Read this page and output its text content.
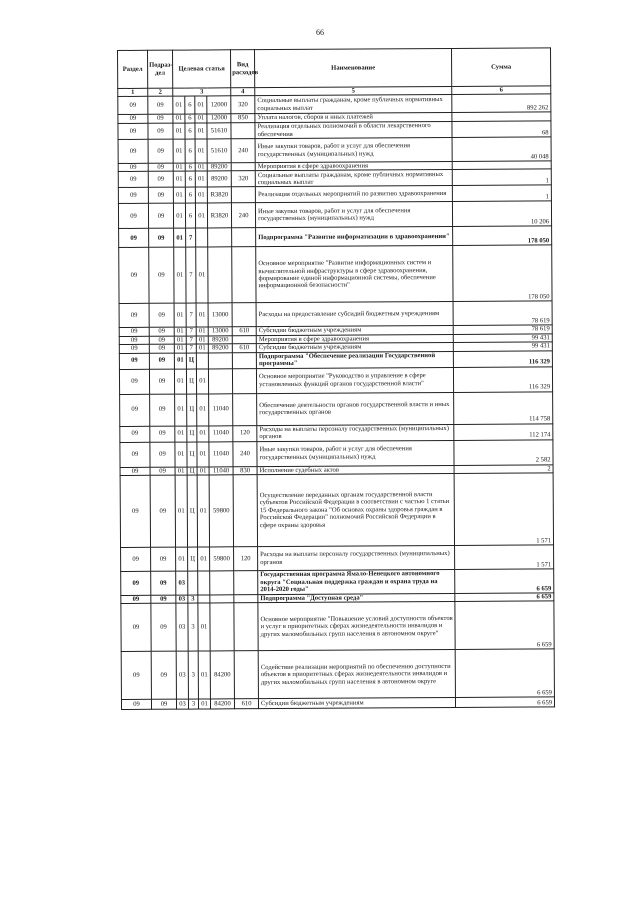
66
Раздел	Подраз-дел	Целевая статья				Вид расходов	Наименование	Сумма
1	2	3				4	5	6
09	09	01	6	01	12000	320	Социальные выплаты гражданам, кроме публичных нормативных социальных выплат	892 262
09	09	01	6	01	12000	850	Уплата налогов, сборов и иных платежей	
09	09	01	6	01	51610		Реализация отдельных полномочий в области лекарственного обеспечения	68
09	09	01	6	01	51610	240	Иные закупки товаров, работ и услуг для обеспечения государственных (муниципальных) нужд	40 048
09	09	01	6	01	89200		Мероприятия в сфере здравоохранения	
09	09	01	6	01	89200	320	Социальные выплаты гражданам, кроме публичных нормативных социальных выплат	1
09	09	01	6	01	R3820		Реализация отдельных мероприятий по развитию здравоохранения	1
09	09	01	6	01	R3820	240	Иные закупки товаров, работ и услуг для обеспечения государственных (муниципальных) нужд	10 206
09	09	01	7				Подпрограмма "Развитие информатизации в здравоохранении"	178 050
09	09	01	7	01			Основное мероприятие "Развитие информационных систем и вычислительной инфраструктуры в сфере здравоохранения, формирование единой информационной системы, обеспечение информационной безопасности"	178 050
09	09	01	7	01	13000		Расходы на предоставление субсидий бюджетным учреждениям	78 619
09	09	01	7	01	13000	610	Субсидии бюджетным учреждениям	78 619
09	09	01	7	01	89200		Мероприятия в сфере здравоохранения	99 431
09	09	01	7	01	89200	610	Субсидии бюджетным учреждениям	99 431
09	09	01	Ц				Подпрограмма "Обеспечение реализации Государственной программы"	116 329
09	09	01	Ц	01			Основное мероприятие "Руководство и управление в сфере установленных функций органов государственной власти"	116 329
09	09	01	Ц	01	11040		Обеспечение деятельности органов государственной власти и иных государственных органов	114 758
09	09	01	Ц	01	11040	120	Расходы на выплаты персоналу государственных (муниципальных) органов	112 174
09	09	01	Ц	01	11040	240	Иные закупки товаров, работ и услуг для обеспечения государственных (муниципальных) нужд	2 582
09	09	01	Ц	01	11040	830	Исполнение судебных актов	2
09	09	01	Ц	01	59800		Осуществление переданных органам государственной власти субъектов Российской Федерации в соответствии с частью 1 статьи 15 Федерального закона "Об основах охраны здоровья граждан в Российской Федерации" полномочий Российской Федерации в сфере охраны здоровья	1 571
09	09	01	Ц	01	59800	120	Расходы на выплаты персоналу государственных (муниципальных) органов	1 571
09	09	03					Государственная программа Ямало-Ненецкого автономного округа "Социальная поддержка граждан и охрана труда на 2014-2020 годы"	6 659
09	09	03	3				Подпрограмма "Доступная среда"	6 659
09	09	03	3	01			Основное мероприятие "Повышение условий доступности объектов и услуг в приоритетных сферах жизнедеятельности инвалидов и других маломобильных групп населения в автономном округе"	6 659
09	09	03	3	01	84200		Содействие реализации мероприятий по обеспечению доступности объектов в приоритетных сферах жизнедеятельности инвалидов и других маломобильных групп населения в автономном округе	6 659
09	09	03	3	01	84200	610	Субсидии бюджетным учреждениям	6 659
